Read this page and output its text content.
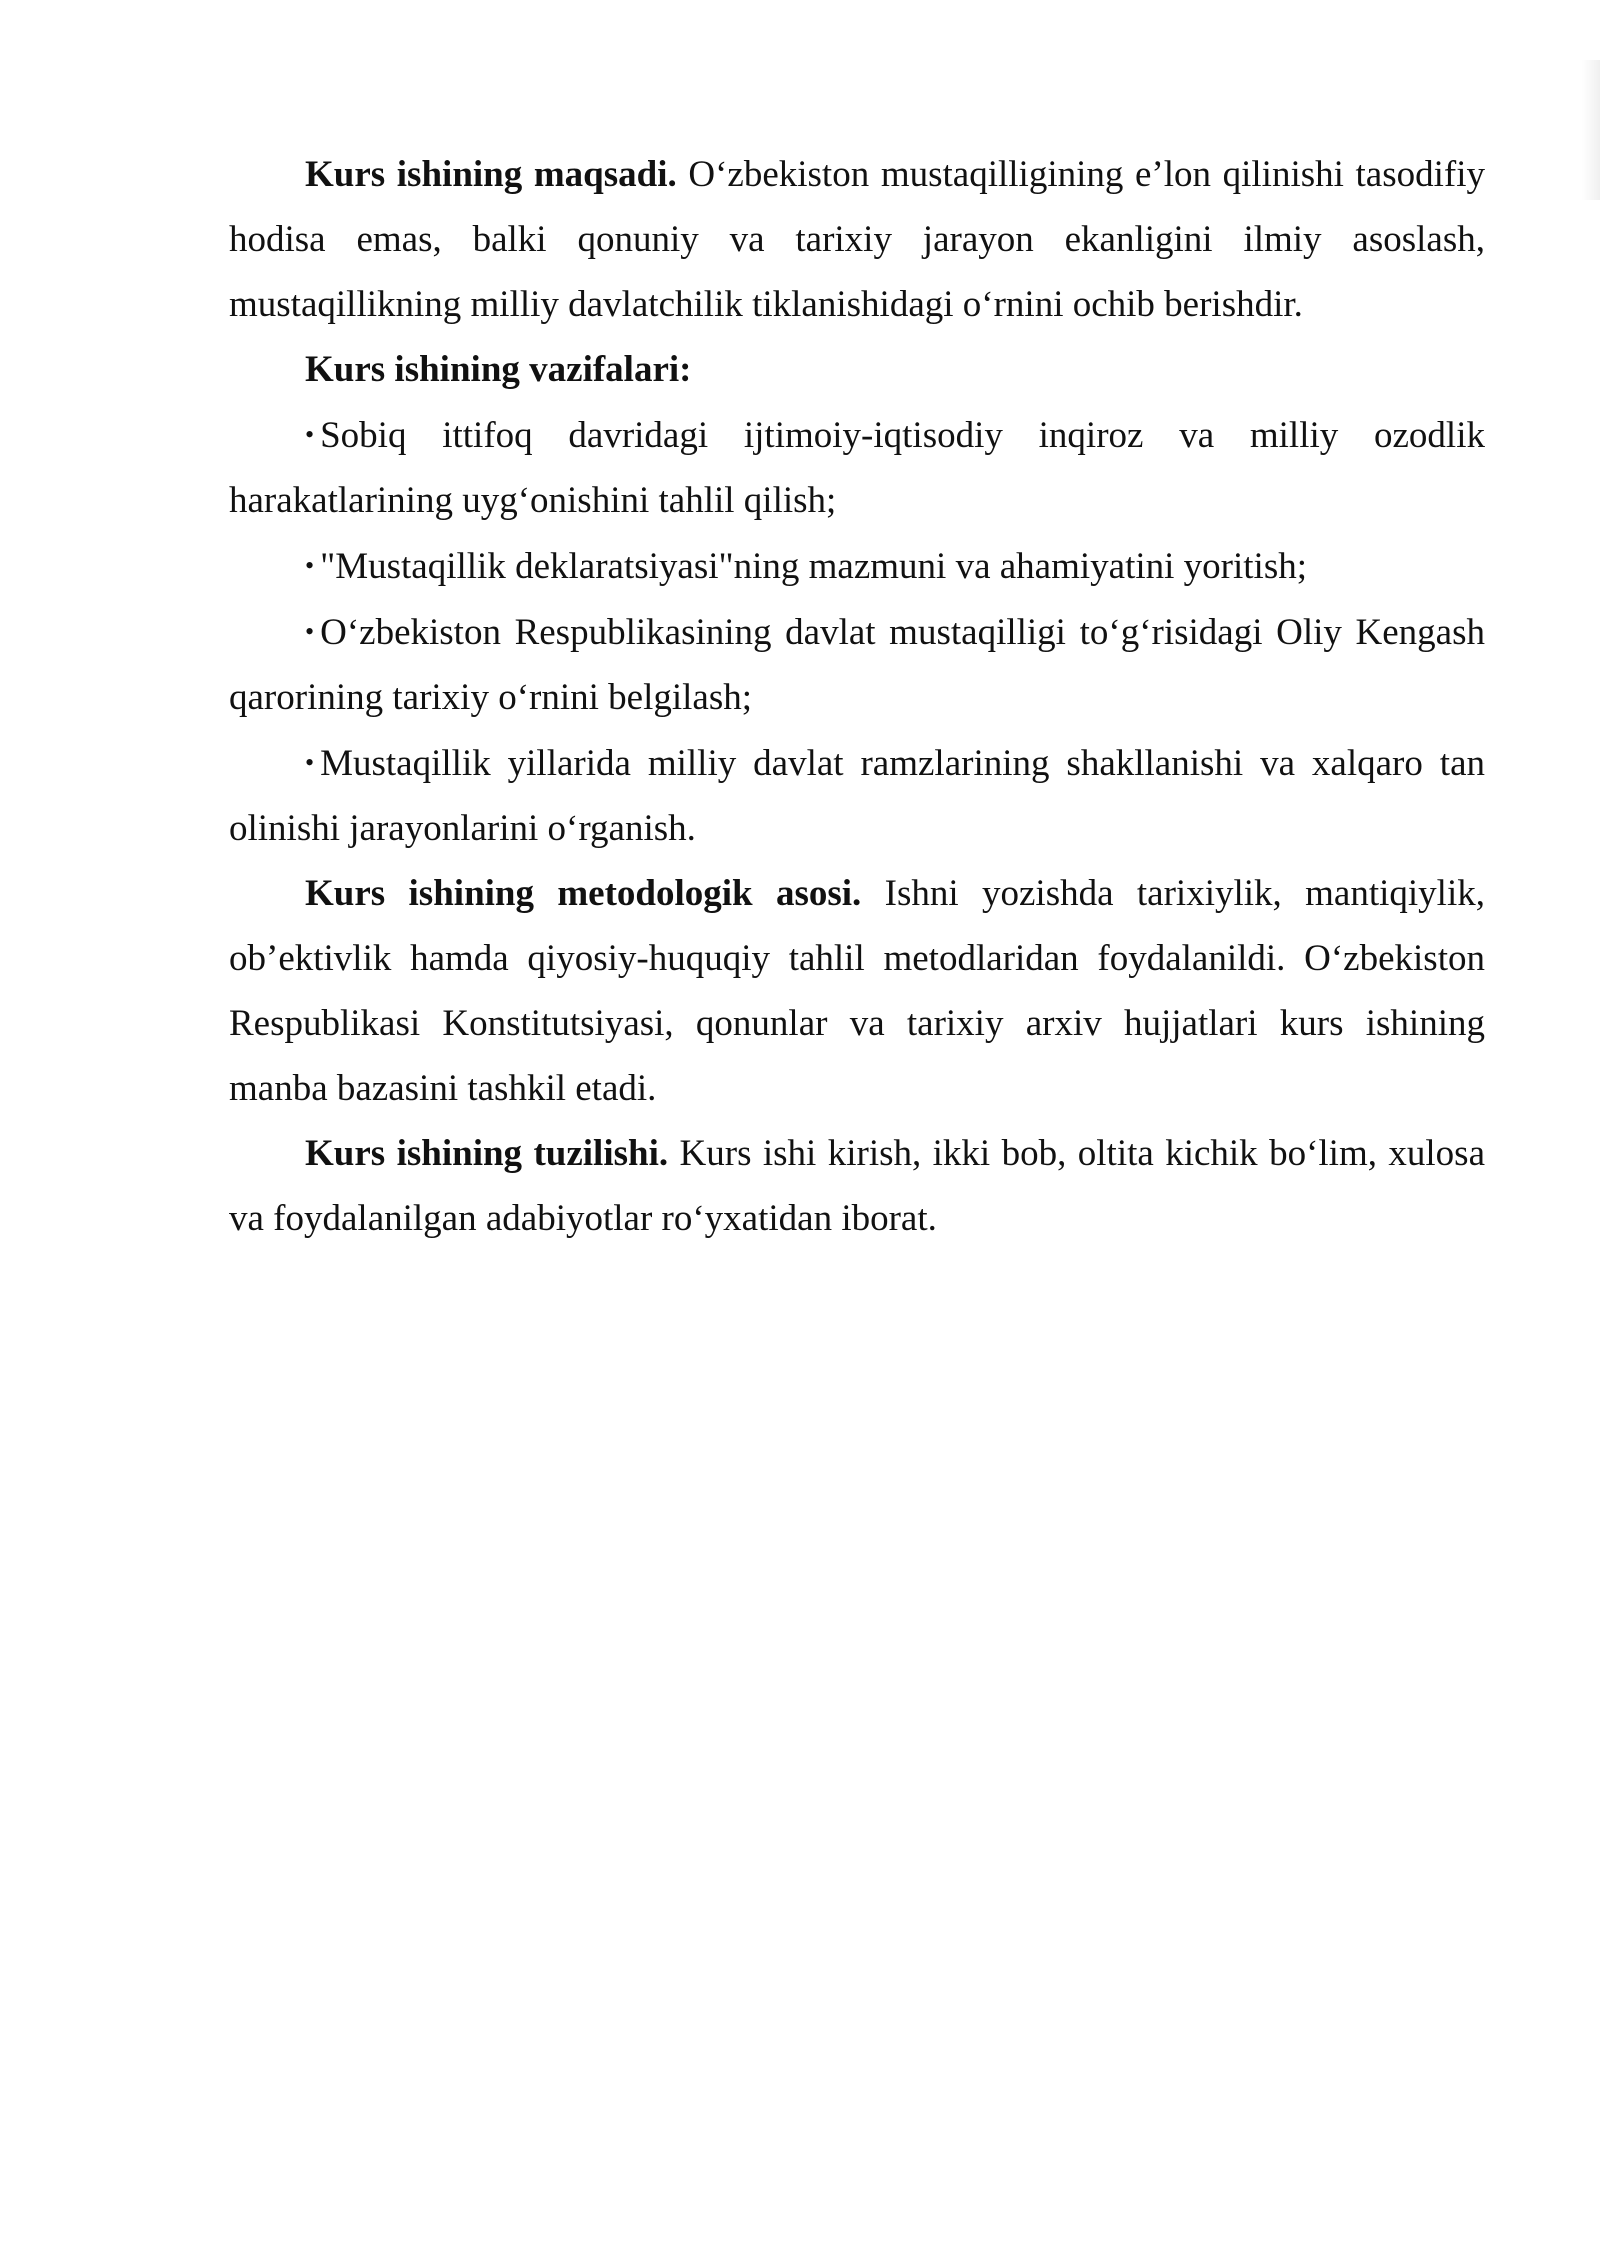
Kurs ishining maqsadi. O‘zbekiston mustaqilligining e’lon qilinishi tasodifiy hodisa emas, balki qonuniy va tarixiy jarayon ekanligini ilmiy asoslash, mustaqillikning milliy davlatchilik tiklanishidagi o‘rnini ochib berishdir.

Kurs ishining vazifalari:

• Sobiq ittifoq davridagi ijtimoiy-iqtisodiy inqiroz va milliy ozodlik harakatlarining uyg‘onishini tahlil qilish;

• "Mustaqillik deklaratsiyasi"ning mazmuni va ahamiyatini yoritish;

• O‘zbekiston Respublikasining davlat mustaqilligi to‘g‘risidagi Oliy Kengash qarorining tarixiy o‘rnini belgilash;

• Mustaqillik yillarida milliy davlat ramzlarining shakllanishi va xalqaro tan olinishi jarayonlarini o‘rganish.

Kurs ishining metodologik asosi. Ishni yozishda tarixiylik, mantiqiylik, ob’ektivlik hamda qiyosiy-huquqiy tahlil metodlaridan foydalanildi. O‘zbekiston Respublikasi Konstitutsiyasi, qonunlar va tarixiy arxiv hujjatlari kurs ishining manba bazasini tashkil etadi.

Kurs ishining tuzilishi. Kurs ishi kirish, ikki bob, oltita kichik bo‘lim, xulosa va foydalanilgan adabiyotlar ro‘yxatidan iborat.
